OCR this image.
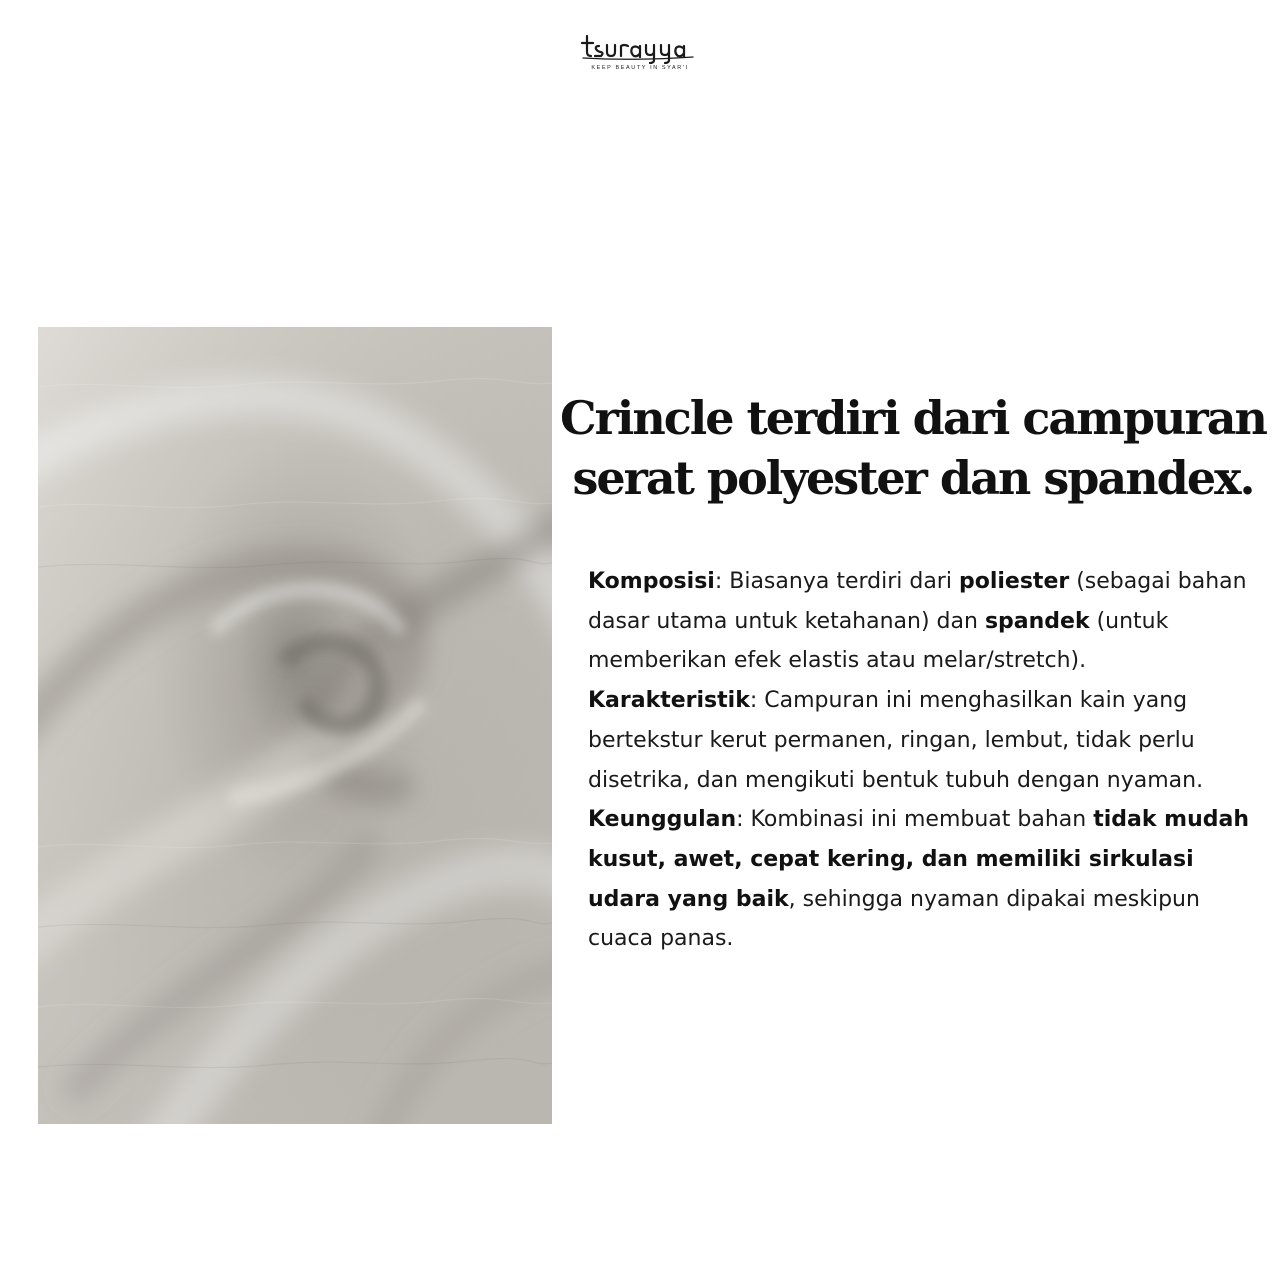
KEEP BEAUTY IN SYAR'I
Crincle terdiri dari campuran
serat polyester dan spandex.

Komposisi: Biasanya terdiri dari poliester (sebagai bahan dasar utama untuk ketahanan) dan spandek (untuk memberikan efek elastis atau melar/stretch).

Karakteristik: Campuran ini menghasilkan kain yang bertekstur kerut permanen, ringan, lembut, tidak perlu disetrika, dan mengikuti bentuk tubuh dengan nyaman.

Keunggulan: Kombinasi ini membuat bahan tidak mudah kusut, awet, cepat kering, dan memiliki sirkulasi udara yang baik, sehingga nyaman dipakai meskipun cuaca panas.
